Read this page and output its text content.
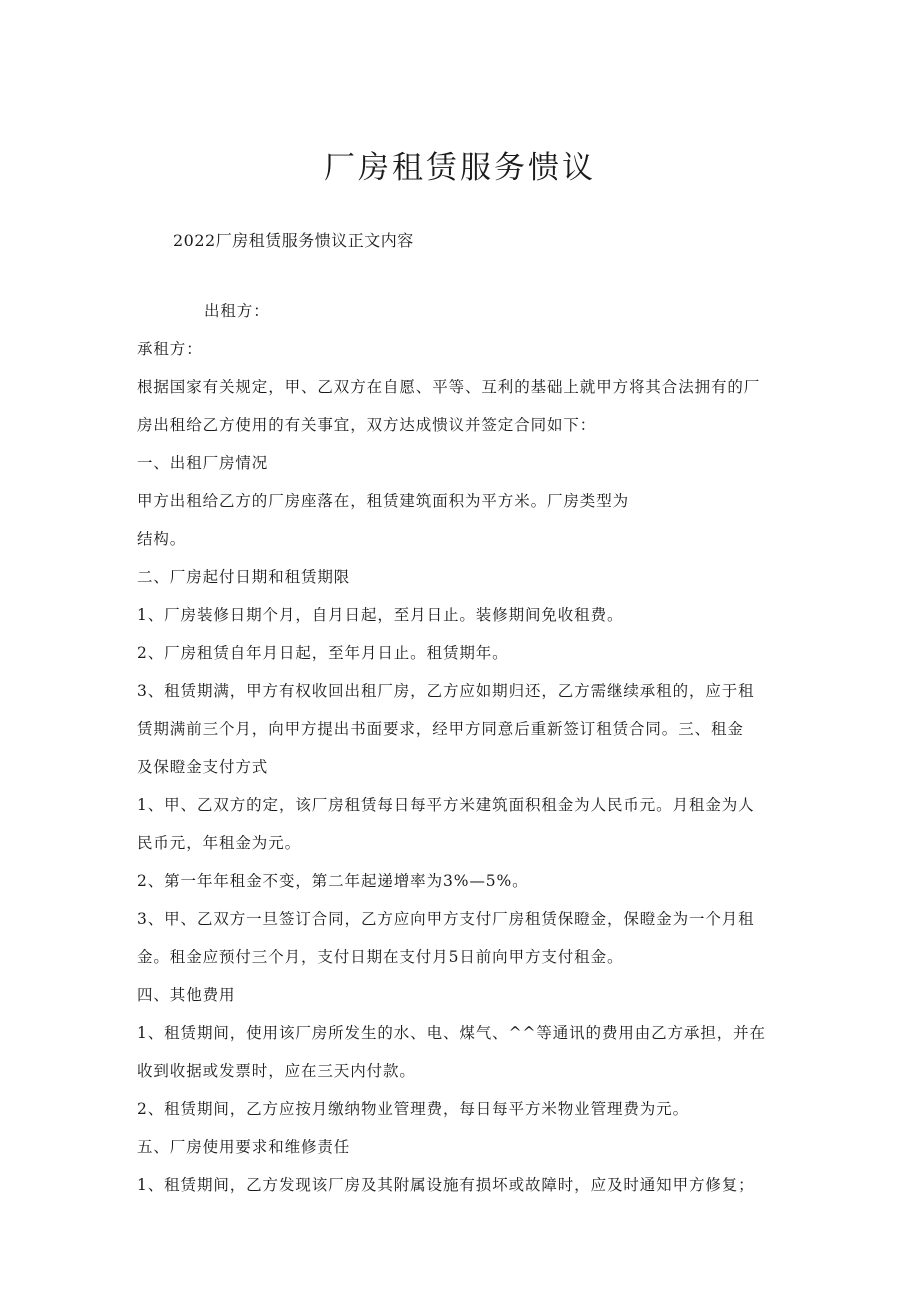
厂房租赁服务愦议
2022厂房租赁服务愦议正文内容
出租方：
承租方：
根据国家有关规定，甲、乙双方在自愿、平等、互利的基础上就甲方将其合法拥有的厂
房出租给乙方使用的有关事宜，双方达成愦议并签定合同如下：
一、出租厂房情况
甲方出租给乙方的厂房座落在，租赁建筑面积为平方米。厂房类型为
结构。
二、厂房起付日期和租赁期限
1、厂房装修日期个月，自月日起，至月日止。装修期间免收租费。
2、厂房租赁自年月日起，至年月日止。租赁期年。
3、租赁期满，甲方有权收回出租厂房，乙方应如期归还，乙方需继续承租的，应于租
赁期满前三个月，向甲方提出书面要求，经甲方同意后重新签订租赁合同。三、租金
及保瞪金支付方式
1、甲、乙双方的定，该厂房租赁每日每平方米建筑面积租金为人民币元。月租金为人
民币元，年租金为元。
2、第一年年租金不变，第二年起递增率为3%—5%。
3、甲、乙双方一旦签订合同，乙方应向甲方支付厂房租赁保瞪金，保瞪金为一个月租
金。租金应预付三个月，支付日期在支付月5日前向甲方支付租金。
四、其他费用
1、租赁期间，使用该厂房所发生的水、电、煤气、^^等通讯的费用由乙方承担，并在
收到收据或发票时，应在三天内付款。
2、租赁期间，乙方应按月缴纳物业管理费，每日每平方米物业管理费为元。
五、厂房使用要求和维修责任
1、租赁期间，乙方发现该厂房及其附属设施有损坏或故障时，应及时通知甲方修复；
